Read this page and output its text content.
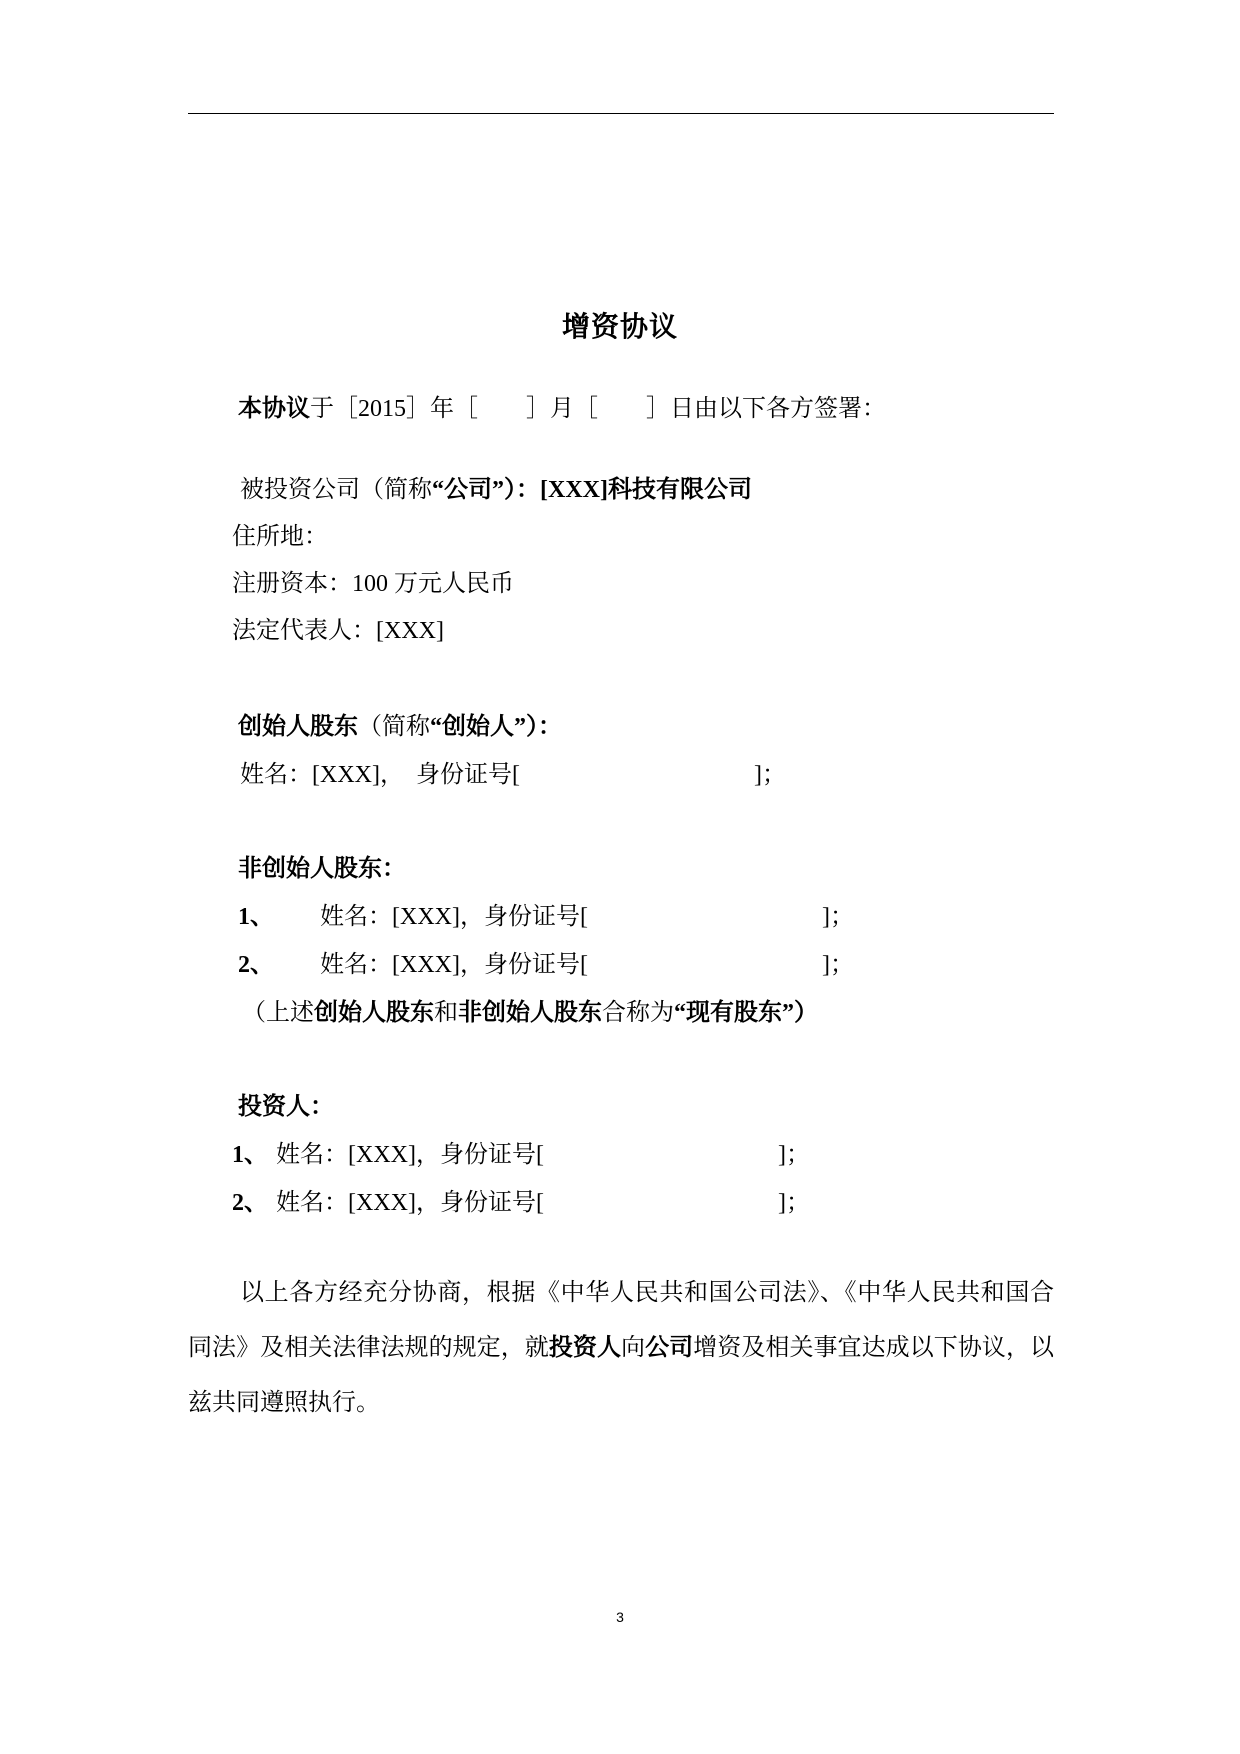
增资协议
本协议于［2015］年［　　］月［　　］日由以下各方签署：
被投资公司（简称“公司”）：[XXX]科技有限公司
住所地：
注册资本：100 万元人民币
法定代表人：[XXX]
创始人股东（简称“创始人”）：
姓名：[XXX]，　身份证号[                                       ]；
非创始人股东：
1、 姓名：[XXX]，身份证号[                                       ]；
2、 姓名：[XXX]，身份证号[                                       ]；
（上述创始人股东和非创始人股东合称为“现有股东”）
投资人：
1、 姓名：[XXX]，身份证号[                                       ]；
2、 姓名：[XXX]，身份证号[                                       ]；
以上各方经充分协商，根据《中华人民共和国公司法》、《中华人民共和国合同法》及相关法律法规的规定，就投资人向公司增资及相关事宜达成以下协议，以兹共同遵照执行。
3
